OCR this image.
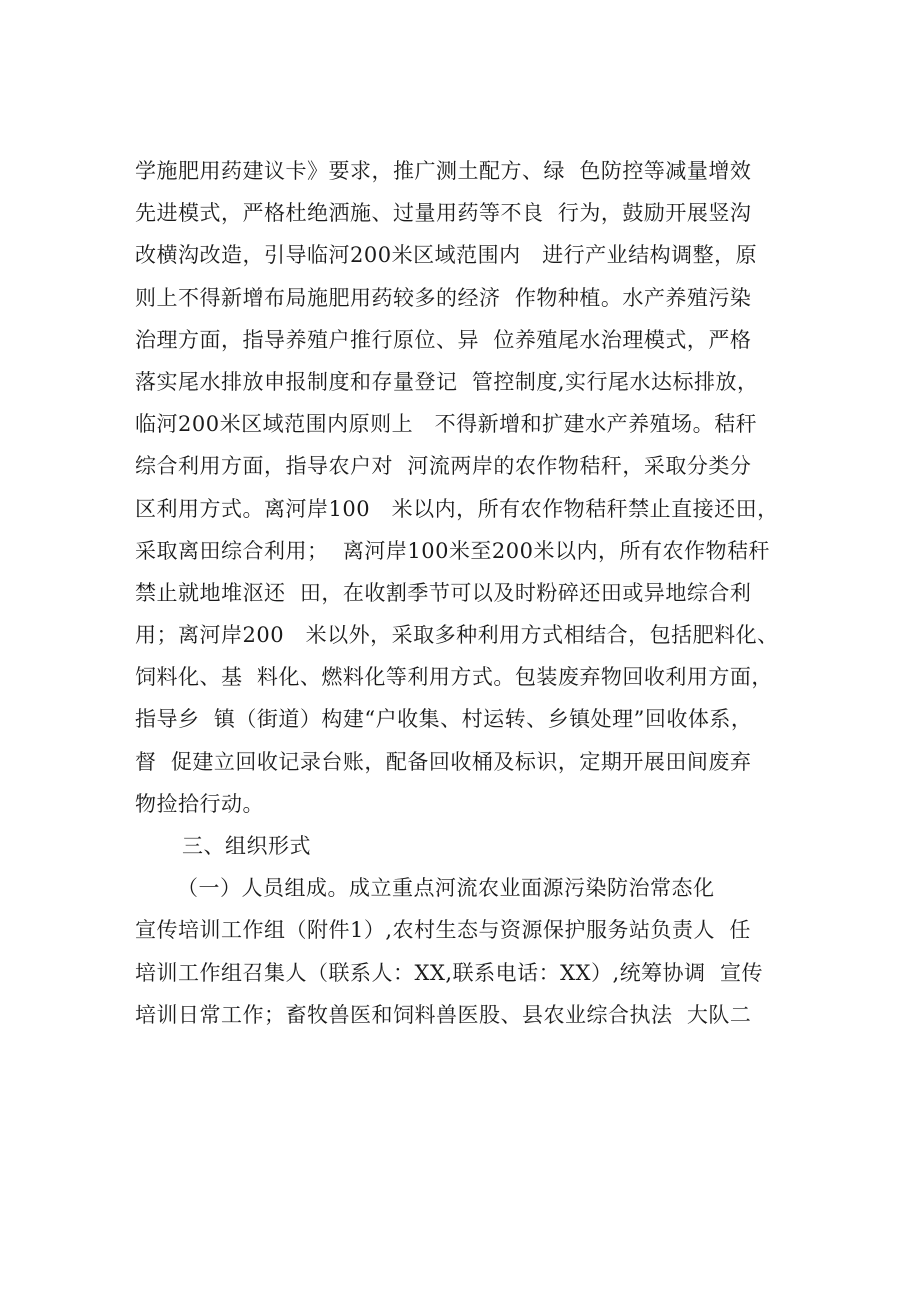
学施肥用药建议卡》要求，推广测土配方、绿  色防控等减量增效
先进模式，严格杜绝洒施、过量用药等不良  行为，鼓励开展竖沟
改横沟改造，引导临河200米区域范围内   进行产业结构调整，原
则上不得新增布局施肥用药较多的经济  作物种植。水产养殖污染
治理方面，指导养殖户推行原位、异  位养殖尾水治理模式，严格
落实尾水排放申报制度和存量登记  管控制度,实行尾水达标排放，
临河200米区域范围内原则上   不得新增和扩建水产养殖场。秸秆
综合利用方面，指导农户对  河流两岸的农作物秸秆，采取分类分
区利用方式。离河岸100   米以内，所有农作物秸秆禁止直接还田，
采取离田综合利用；  离河岸100米至200米以内，所有农作物秸秆
禁止就地堆沤还  田，在收割季节可以及时粉碎还田或异地综合利
用；离河岸200   米以外，采取多种利用方式相结合，包括肥料化、
饲料化、基  料化、燃料化等利用方式。包装废弃物回收利用方面，
指导乡  镇（街道）构建“户收集、村运转、乡镇处理”回收体系，
督  促建立回收记录台账，配备回收桶及标识，定期开展田间废弃
物捡拾行动。
三、组织形式
（一）人员组成。成立重点河流农业面源污染防治常态化
宣传培训工作组（附件1）,农村生态与资源保护服务站负责人  任
培训工作组召集人（联系人：XX,联系电话：XX）,统筹协调  宣传
培训日常工作；畜牧兽医和饲料兽医股、县农业综合执法  大队二
